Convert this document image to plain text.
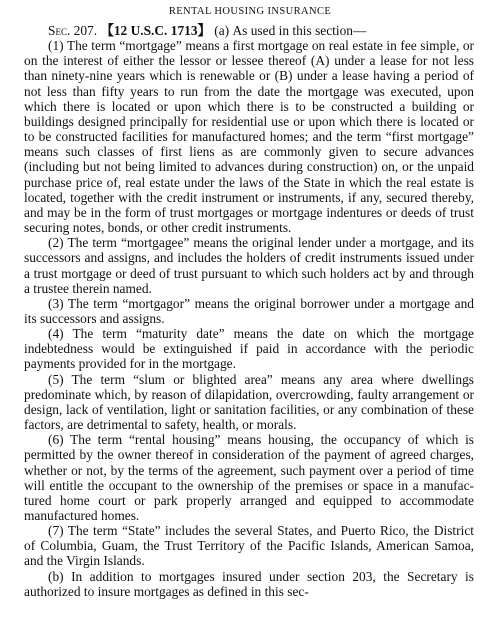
RENTAL HOUSING INSURANCE

Sec. 207. 【12 U.S.C. 1713】 (a) As used in this section—

(1) The term “mortgage” means a first mortgage on real estate in fee simple, or on the interest of either the lessor or lessee thereof (A) under a lease for not less than ninety-nine years which is renewable or (B) under a lease having a period of not less than fifty years to run from the date the mortgage was executed, upon which there is located or upon which there is to be constructed a building or buildings designed principally for residential use or upon which there is located or to be constructed facilities for manufactured homes; and the term “first mortgage” means such classes of first liens as are commonly given to secure advances (including but not being limited to advances during construction) on, or the unpaid purchase price of, real estate under the laws of the State in which the real estate is located, together with the credit instrument or instruments, if any, secured thereby, and may be in the form of trust mortgages or mortgage indentures or deeds of trust securing notes, bonds, or other credit instruments.

(2) The term “mortgagee” means the original lender under a mortgage, and its successors and assigns, and includes the holders of credit instruments issued under a trust mortgage or deed of trust pursuant to which such holders act by and through a trustee therein named.

(3) The term “mortgagor” means the original borrower under a mortgage and its successors and assigns.

(4) The term “maturity date” means the date on which the mortgage indebtedness would be extinguished if paid in accordance with the periodic payments provided for in the mortgage.

(5) The term “slum or blighted area” means any area where dwellings predominate which, by reason of dilapidation, overcrowding, faulty arrangement or design, lack of ventilation, light or sanitation facilities, or any combination of these factors, are detrimental to safety, health, or morals.

(6) The term “rental housing” means housing, the occupancy of which is permitted by the owner thereof in consideration of the payment of agreed charges, whether or not, by the terms of the agreement, such payment over a period of time will entitle the occupant to the ownership of the premises or space in a manufactured home court or park properly arranged and equipped to accommodate manufactured homes.

(7) The term “State” includes the several States, and Puerto Rico, the District of Columbia, Guam, the Trust Territory of the Pacific Islands, American Samoa, and the Virgin Islands.

(b) In addition to mortgages insured under section 203, the Secretary is authorized to insure mortgages as defined in this sec-
